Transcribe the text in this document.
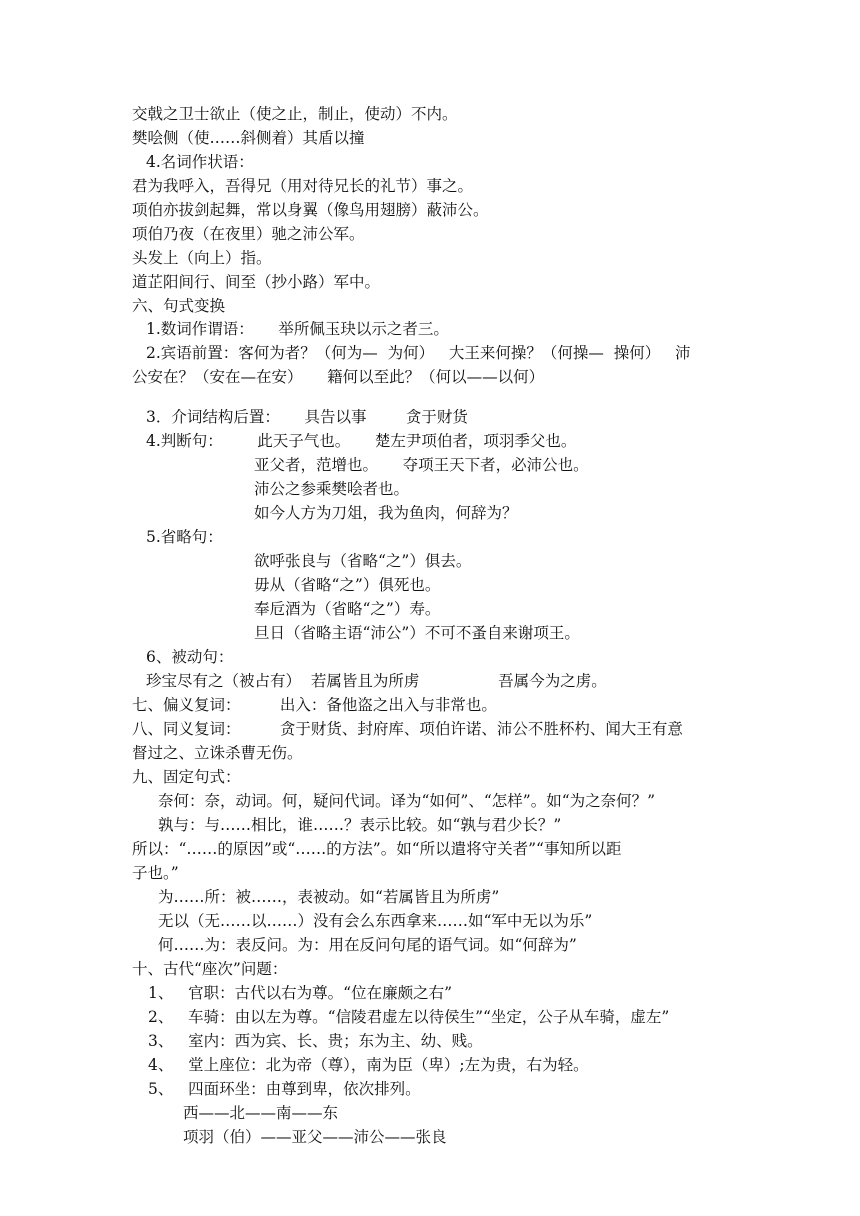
交戟之卫士欲止（使之止，制止，使动）不内。
樊哙侧（使……斜侧着）其盾以撞
4.名词作状语：
君为我呼入，吾得兄（用对待兄长的礼节）事之。
项伯亦拔剑起舞，常以身翼（像鸟用翅膀）蔽沛公。
项伯乃夜（在夜里）驰之沛公军。
头发上（向上）指。
道芷阳间行、间至（抄小路）军中。
六、句式变换
1.数词作谓语：     举所佩玉玦以示之者三。
2.宾语前置：客何为者？（何为—  为何）   大王来何操？（何操—  操何）   沛
公安在？（安在—在安）     籍何以至此？（何以——以何）
3．介词结构后置：     具告以事        贪于财货
4.判断句：       此天子气也。     楚左尹项伯者，项羽季父也。
亚父者，范增也。     夺项王天下者，必沛公也。
沛公之参乘樊哙者也。
如今人方为刀俎，我为鱼肉，何辞为？
5.省略句：
欲呼张良与（省略“之”）俱去。
毋从（省略“之”）俱死也。
奉卮酒为（省略“之”）寿。
旦日（省略主语“沛公”）不可不蚤自来谢项王。
6、被动句：
珍宝尽有之（被占有）  若属皆且为所虏                吾属今为之虏。
七、偏义复词：        出入：备他盗之出入与非常也。
八、同义复词：        贪于财货、封府库、项伯许诺、沛公不胜杯杓、闻大王有意
督过之、立诛杀曹无伤。
九、固定句式：
奈何：奈，动词。何，疑问代词。译为“如何”、“怎样”。如“为之奈何？”
孰与：与……相比，谁……？表示比较。如“孰与君少长？”
所以：“……的原因”或“……的方法”。如“所以遣将守关者”“事知所以距
子也。”
为……所：被……，表被动。如“若属皆且为所虏”
无以（无……以……）没有会么东西拿来……如“军中无以为乐”
何……为：表反问。为：用在反问句尾的语气词。如“何辞为”
十、古代“座次”问题：
1、   官职：古代以右为尊。“位在廉颇之右”
2、   车骑：由以左为尊。“信陵君虚左以待侯生”“坐定，公子从车骑，虚左”
3、   室内：西为宾、长、贵；东为主、幼、贱。
4、   堂上座位：北为帝（尊），南为臣（卑）;左为贵，右为轻。
5、   四面环坐：由尊到卑，依次排列。
西——北——南——东
项羽（伯）——亚父——沛公——张良
